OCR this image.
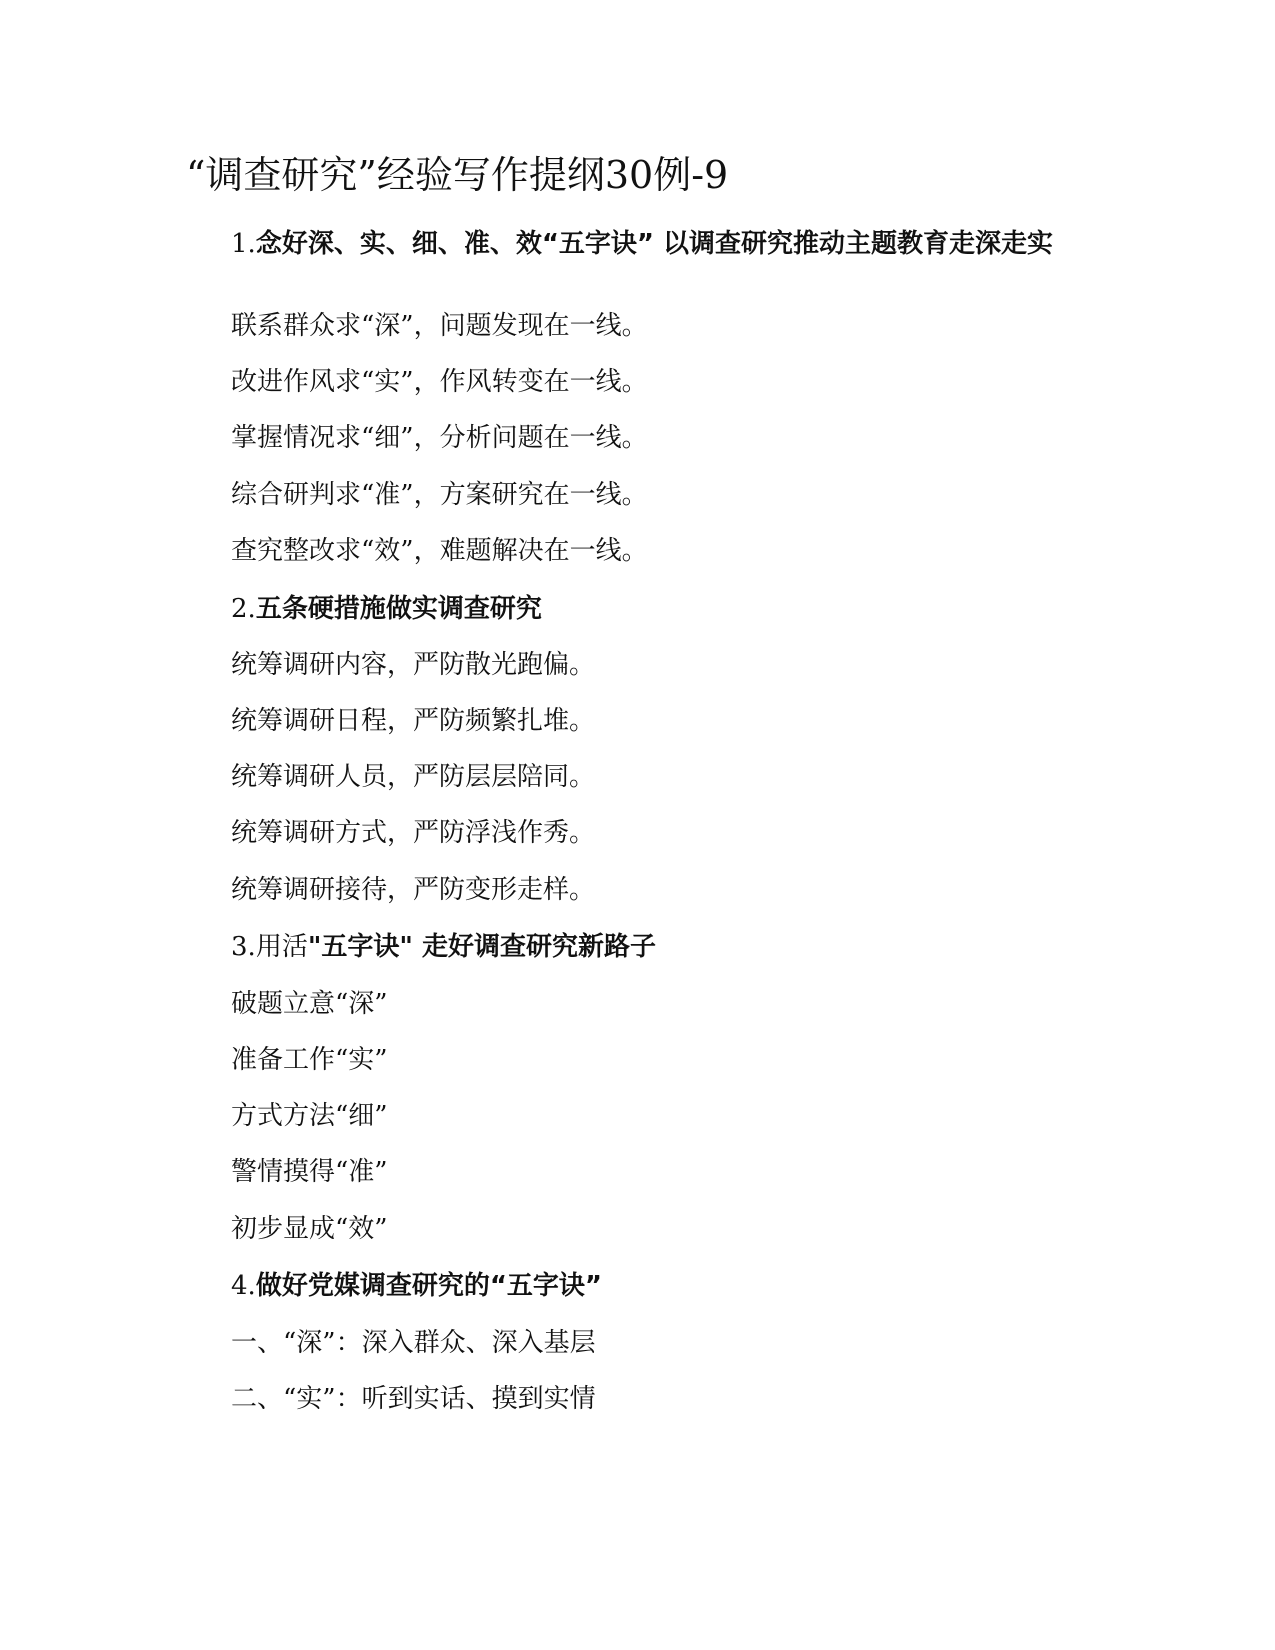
“调查研究”经验写作提纲30例-9
1.念好深、实、细、准、效“五字诀” 以调查研究推动主题教育走深走实
联系群众求“深”，问题发现在一线。
改进作风求“实”，作风转变在一线。
掌握情况求“细”，分析问题在一线。
综合研判求“准”，方案研究在一线。
查究整改求“效”，难题解决在一线。
2.五条硬措施做实调查研究
统筹调研内容，严防散光跑偏。
统筹调研日程，严防频繁扎堆。
统筹调研人员，严防层层陪同。
统筹调研方式，严防浮浅作秀。
统筹调研接待，严防变形走样。
3.用活"五字诀" 走好调查研究新路子
破题立意“深”
准备工作“实”
方式方法“细”
警情摸得“准”
初步显成“效”
4.做好党媒调查研究的“五字诀”
一、“深”：深入群众、深入基层
二、“实”：听到实话、摸到实情
